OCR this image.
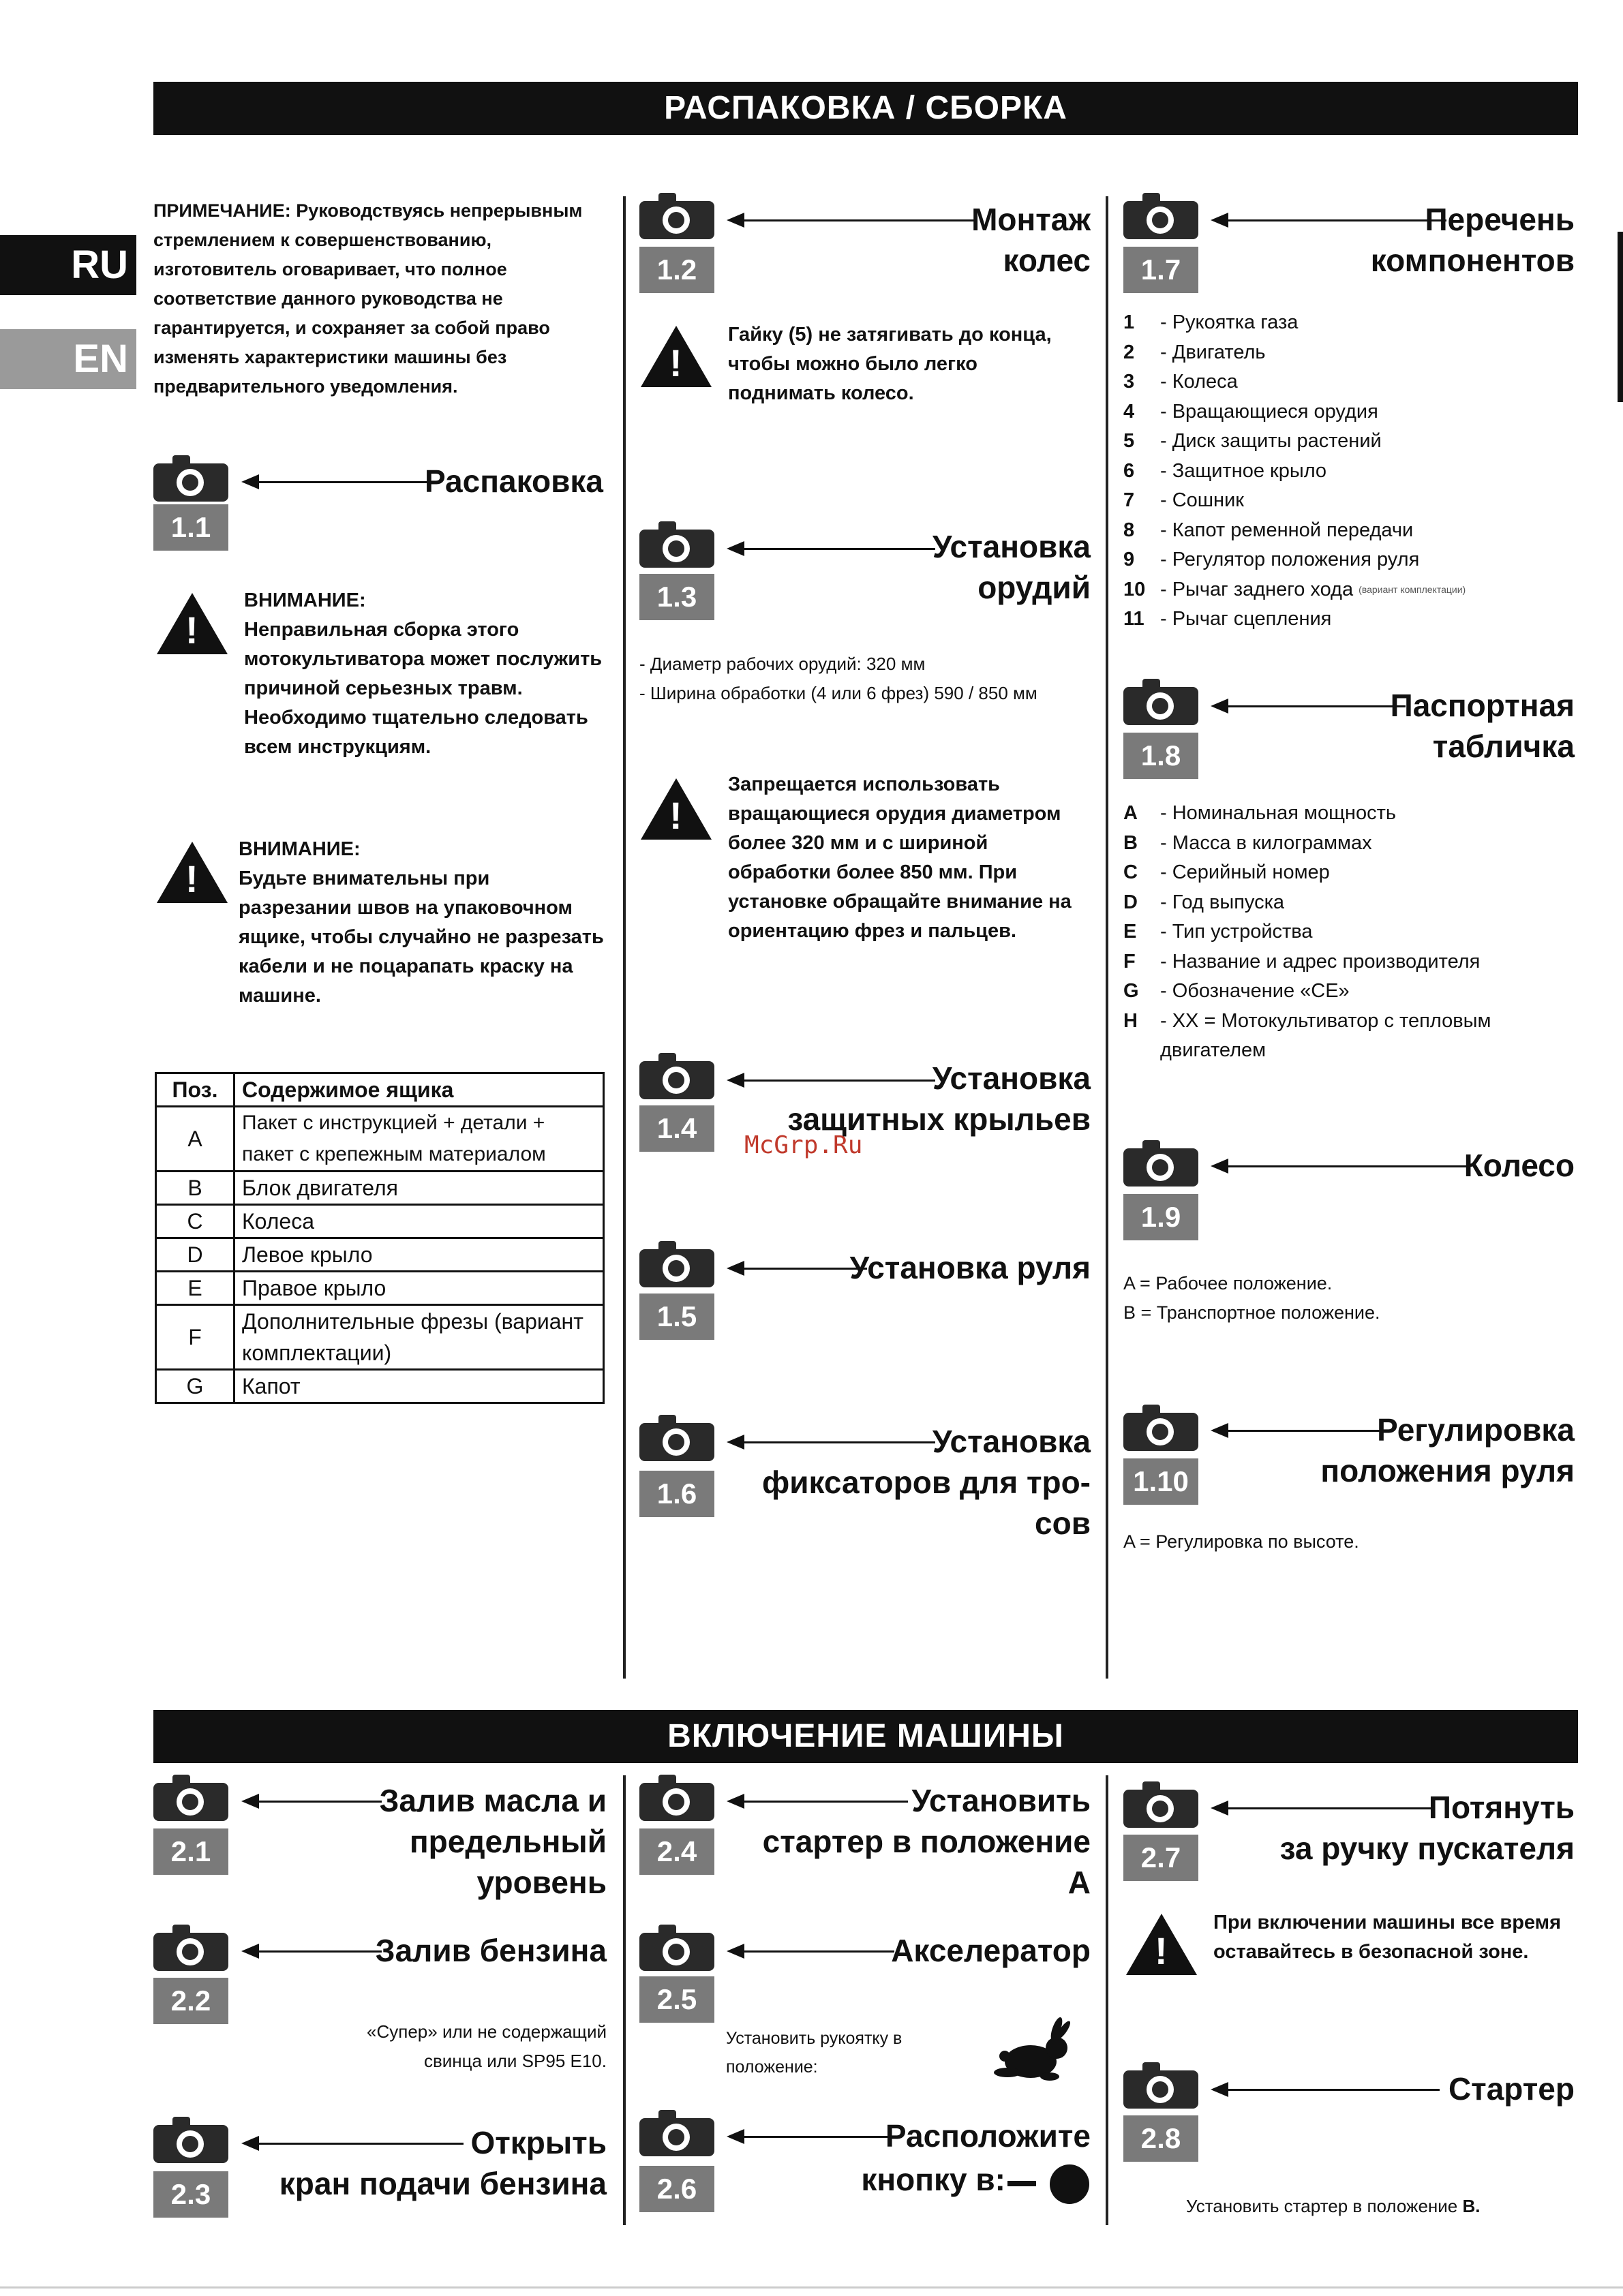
RU
EN
РАСПАКОВКА / СБОРКА
ПРИМЕЧАНИЕ: Руководствуясь непрерывным стремлением к совершенствованию, изготовитель оговаривает, что полное соответствие данного руководства не гарантируется, и сохраняет за собой право изменять характеристики машины без предварительного уведомления.
1.1
Распаковка
!
ВНИМАНИЕ:
Неправильная сборка этого мотокультиватора может послужить причиной серьезных травм. Необходимо тщательно следовать всем инструкциям.
!
ВНИМАНИЕ:
Будьте внимательны при разрезании швов на упаковочном ящике, чтобы случайно не разрезать кабели и не поцарапать краску на машине.
Поз.	Содержимое ящика
A	Пакет с инструкцией + детали + пакет с крепежным материалом
B	Блок двигателя
C	Колеса
D	Левое крыло
E	Правое крыло
F	Дополнительные фрезы (вариант комплектации)
G	Капот
1.2
Монтаж
колес
!
Гайку (5) не затягивать до конца, чтобы можно было легко поднимать колесо.
1.3
Установка
орудий
- Диаметр рабочих орудий: 320 мм
- Ширина обработки (4 или 6 фрез) 590 / 850 мм
!
Запрещается использовать вращающиеся орудия диаметром более 320 мм и с шириной обработки более 850 мм. При установке обращайте внимание на ориентацию фрез и пальцев.
1.4
Установка
защитных крыльев
McGrp.Ru
1.5
Установка руля
1.6
Установка
фиксаторов для тро-
сов
1.7
Перечень
компонентов
1	- Рукоятка газа
2	- Двигатель
3	- Колеса
4	- Вращающиеся орудия
5	- Диск защиты растений
6	- Защитное крыло
7	- Сошник
8	- Капот ременной передачи
9	- Регулятор положения руля
10 - Рычаг заднего хода
(вариант комплектации)
11 - Рычаг сцепления
1.8
Паспортная
табличка
A	- Номинальная мощность
B	- Масса в килограммах
C	- Серийный номер
D	- Год выпуска
E	- Тип устройства
F	- Название и адрес производителя
G	- Обозначение «CE»
H	- XX = Мотокультиватор с тепловым двигателем
1.9
Колесо
A = Рабочее положение.
B = Транспортное положение.
1.10
Регулировка
положения руля
A = Регулировка по высоте.
ВКЛЮЧЕНИЕ МАШИНЫ
2.1
Залив масла и
предельный
уровень
2.2
Залив бензина
«Супер» или не содержащий
свинца или SP95 E10.
2.3
Открыть
кран подачи бензина
2.4
Установить
стартер в положение A
2.5
Акселератор
Установить рукоятку в
положение:
2.6
Расположите
кнопку в:
2.7
Потянуть
за ручку пускателя
!
При включении машины все время оставайтесь в безопасной зоне.
2.8
Стартер
Установить стартер в положение B.
